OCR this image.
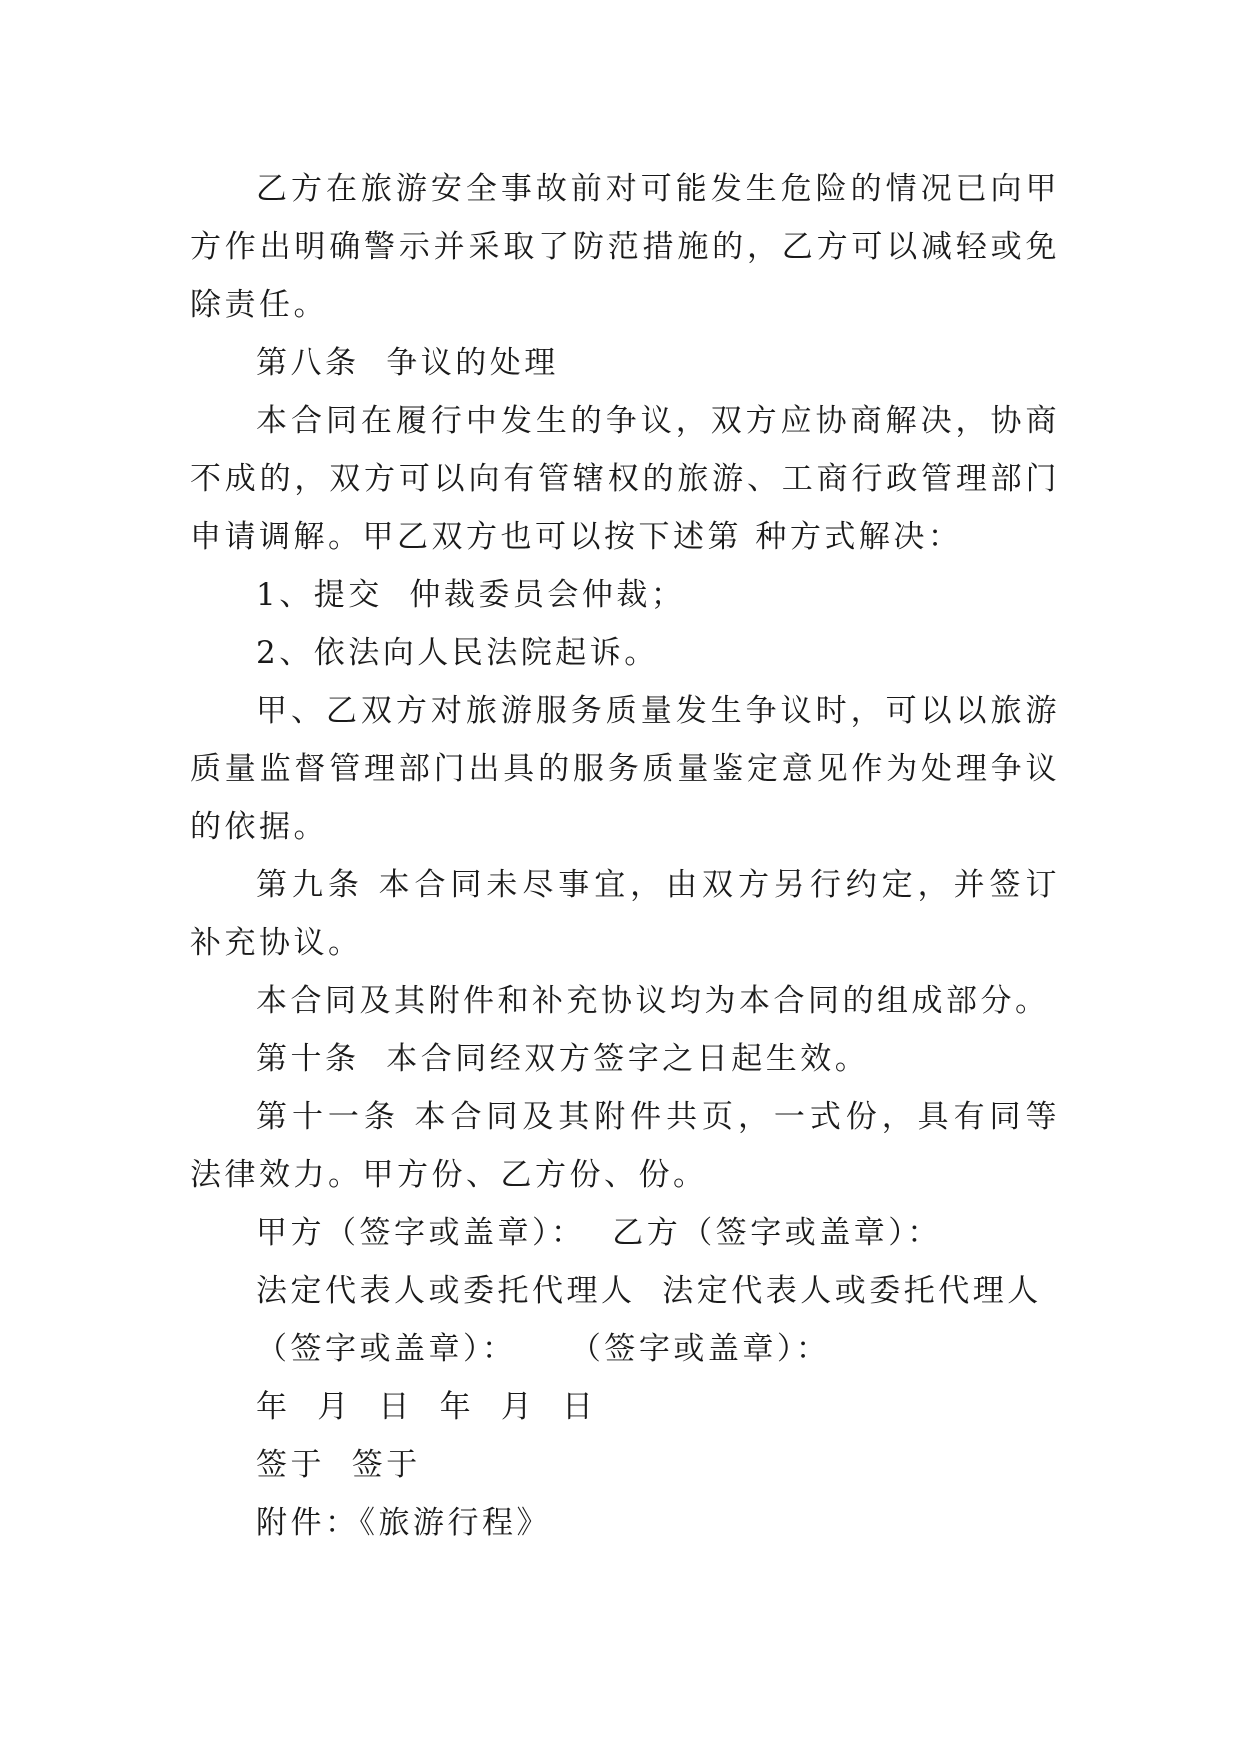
乙方在旅游安全事故前对可能发生危险的情况已向甲方作出明确警示并采取了防范措施的，乙方可以减轻或免除责任。

第八条  争议的处理

本合同在履行中发生的争议，双方应协商解决，协商不成的，双方可以向有管辖权的旅游、工商行政管理部门申请调解。甲乙双方也可以按下述第 种方式解决：

1、提交  仲裁委员会仲裁；

2、依法向人民法院起诉。

甲、乙双方对旅游服务质量发生争议时，可以以旅游质量监督管理部门出具的服务质量鉴定意见作为处理争议的依据。

第九条 本合同未尽事宜，由双方另行约定，并签订补充协议。

本合同及其附件和补充协议均为本合同的组成部分。

第十条  本合同经双方签字之日起生效。

第十一条 本合同及其附件共页，一式份，具有同等法律效力。甲方份、乙方份、份。

甲方（签字或盖章）：  乙方（签字或盖章）：

法定代表人或委托代理人  法定代表人或委托代理人

（签字或盖章）：    （签字或盖章）：

年  月  日  年  月  日

签于  签于

附件：《旅游行程》
